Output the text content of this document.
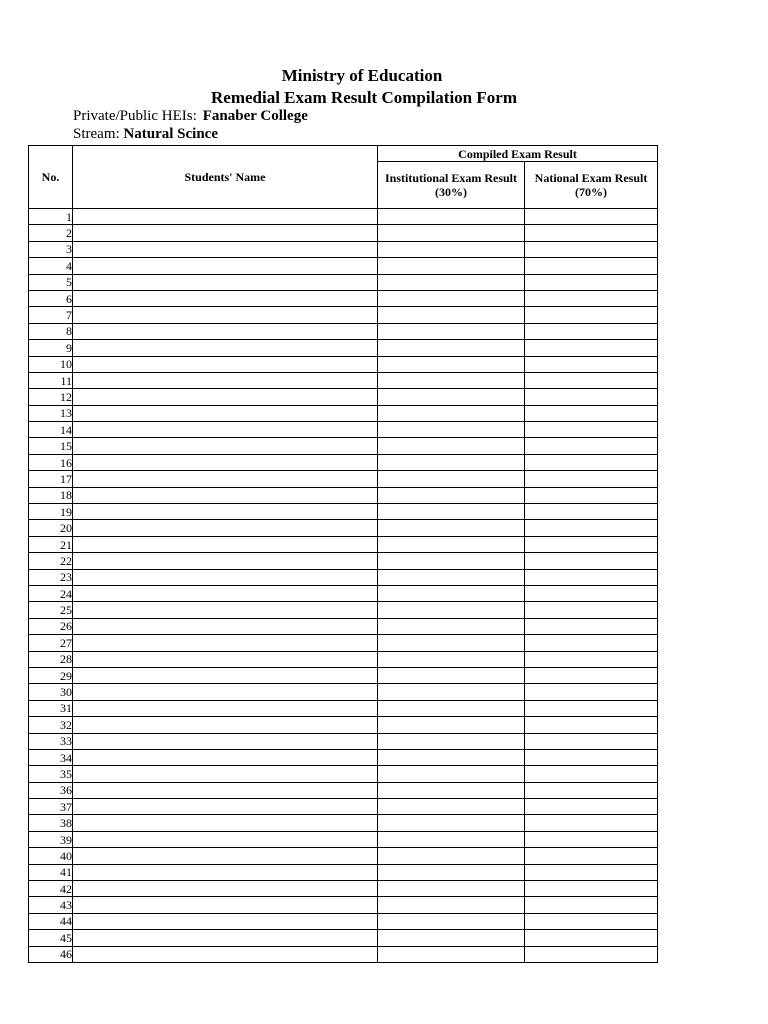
Ministry of Education
Remedial Exam Result Compilation Form
Private/Public HEIs: Fanaber College
Stream: Natural Scince
No.	Students' Name	Compiled Exam Result	
		Institutional Exam Result (30%)	National Exam Result (70%)
1			
2			
3			
4			
5			
6			
7			
8			
9			
10			
11			
12			
13			
14			
15			
16			
17			
18			
19			
20			
21			
22			
23			
24			
25			
26			
27			
28			
29			
30			
31			
32			
33			
34			
35			
36			
37			
38			
39			
40			
41			
42			
43			
44			
45			
46			
